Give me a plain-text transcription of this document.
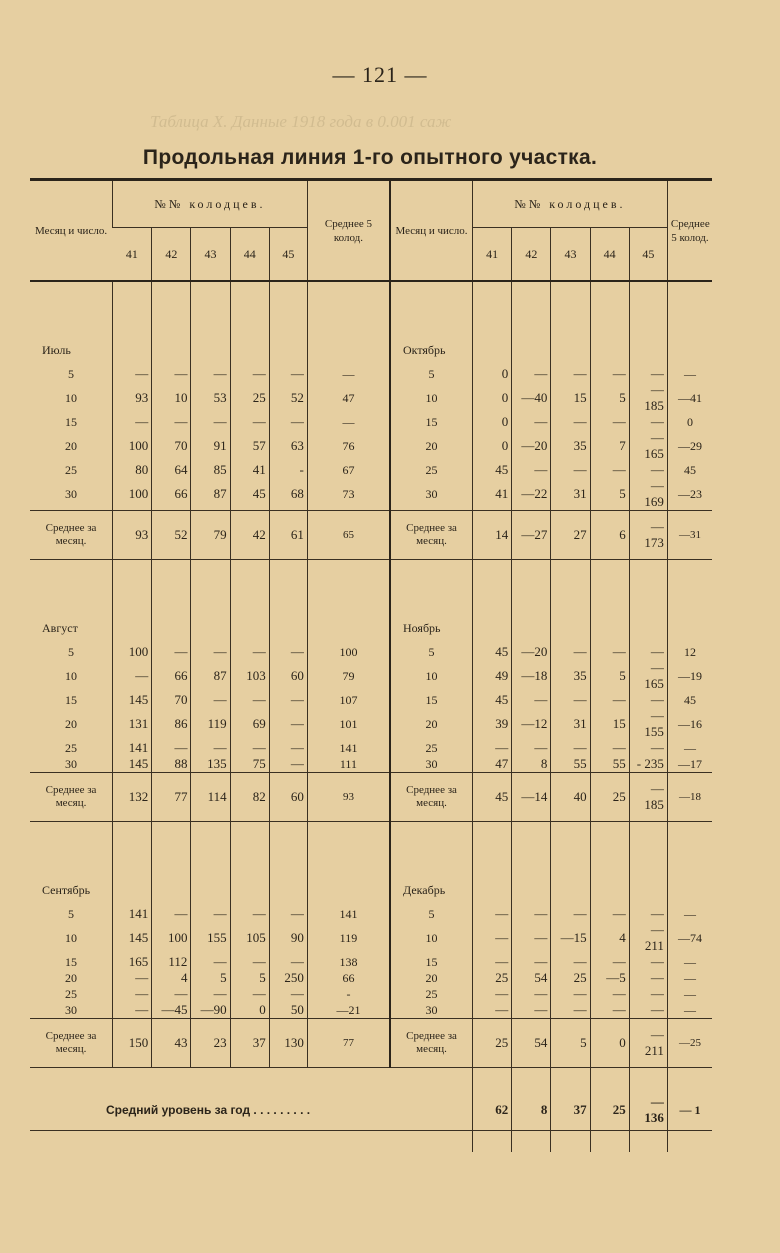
— 121 —
Таблица Х. Данные 1918 года в 0.001 саж
Продольная линия 1-го опытного участка.
Месяц и число.	№№ колодцев.					Среднее 5 колод.	Месяц и число.	№№ колодцев.					Среднее 5 колод.
	41	42	43	44	45			41	42	43	44	45	

Июль							Октябрь						
5	—	—	—	—	—	—	5	0	—	—	—	—	—
10	93	10	53	25	52	47	10	0	—40	15	5	—185	—41
15	—	—	—	—	—	—	15	0	—	—	—	—	0
20	100	70	91	57	63	76	20	0	—20	35	7	—165	—29
25	80	64	85	41	-	67	25	45	—	—	—	—	45
30	100	66	87	45	68	73	30	41	—22	31	5	—169	—23
Среднее за месяц.	93	52	79	42	61	65	Среднее за месяц.	14	—27	27	6	—173	—31

Август							Ноябрь						
5	100	—	—	—	—	100	5	45	—20	—	—	—	12
10	—	66	87	103	60	79	10	49	—18	35	5	—165	—19
15	145	70	—	—	—	107	15	45	—	—	—	—	45
20	131	86	119	69	—	101	20	39	—12	31	15	—155	—16
25	141	—	—	—	—	141	25	—	—	—	—	—	—
30	145	88	135	75	—	111	30	47	8	55	55	- 235	—17
Среднее за месяц.	132	77	114	82	60	93	Среднее за месяц.	45	—14	40	25	—185	—18

Сентябрь							Декабрь						
5	141	—	—	—	—	141	5	—	—	—	—	—	—
10	145	100	155	105	90	119	10	—	—	—15	4	—211	—74
15	165	112	—	—	—	138	15	—	—	—	—	—	—
20	—	4	5	5	250	66	20	25	54	25	—5	—	—
25	—	—	—	—	—	-	25	—	—	—	—	—	—
30	—	—45	—90	0	50	—21	30	—	—	—	—	—	—
Среднее за месяц.	150	43	23	37	130	77	Среднее за месяц.	25	54	5	0	—211	—25
Средний уровень за год . . . . . . . . .								62	8	37	25	—136	— 1
